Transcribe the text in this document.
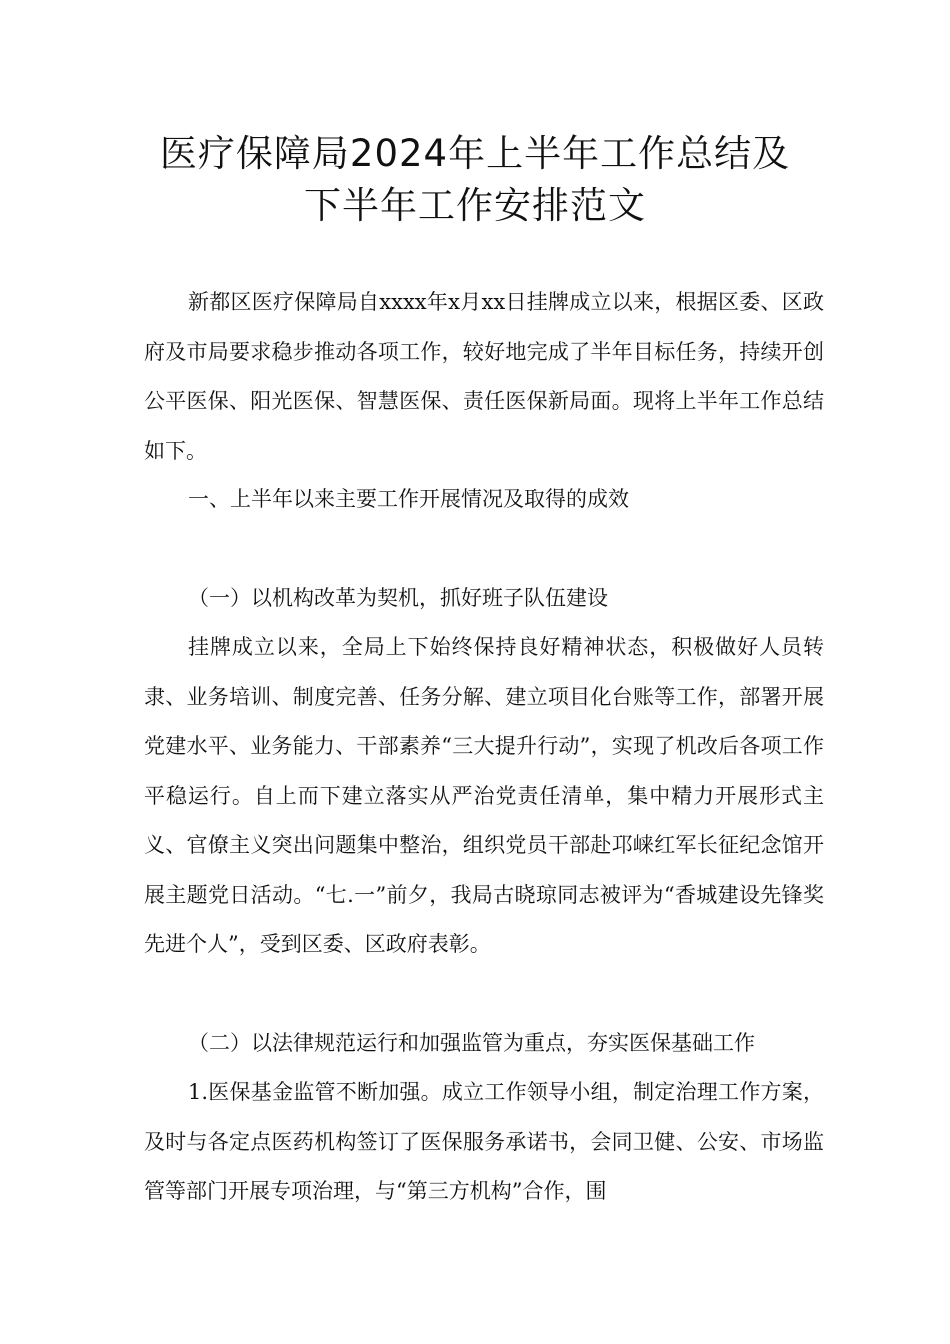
医疗保障局2024年上半年工作总结及
下半年工作安排范文

新都区医疗保障局自xxxx年x月xx日挂牌成立以来，根据区委、区政府及市局要求稳步推动各项工作，较好地完成了半年目标任务，持续开创公平医保、阳光医保、智慧医保、责任医保新局面。现将上半年工作总结如下。

一、上半年以来主要工作开展情况及取得的成效

（一）以机构改革为契机，抓好班子队伍建设

挂牌成立以来，全局上下始终保持良好精神状态，积极做好人员转隶、业务培训、制度完善、任务分解、建立项目化台账等工作，部署开展党建水平、业务能力、干部素养“三大提升行动”，实现了机改后各项工作平稳运行。自上而下建立落实从严治党责任清单，集中精力开展形式主义、官僚主义突出问题集中整治，组织党员干部赴邛崃红军长征纪念馆开展主题党日活动。“七.一”前夕，我局古晓琼同志被评为“香城建设先锋奖先进个人”，受到区委、区政府表彰。

（二）以法律规范运行和加强监管为重点，夯实医保基础工作

1.医保基金监管不断加强。成立工作领导小组，制定治理工作方案，及时与各定点医药机构签订了医保服务承诺书，会同卫健、公安、市场监管等部门开展专项治理，与“第三方机构”合作，围
